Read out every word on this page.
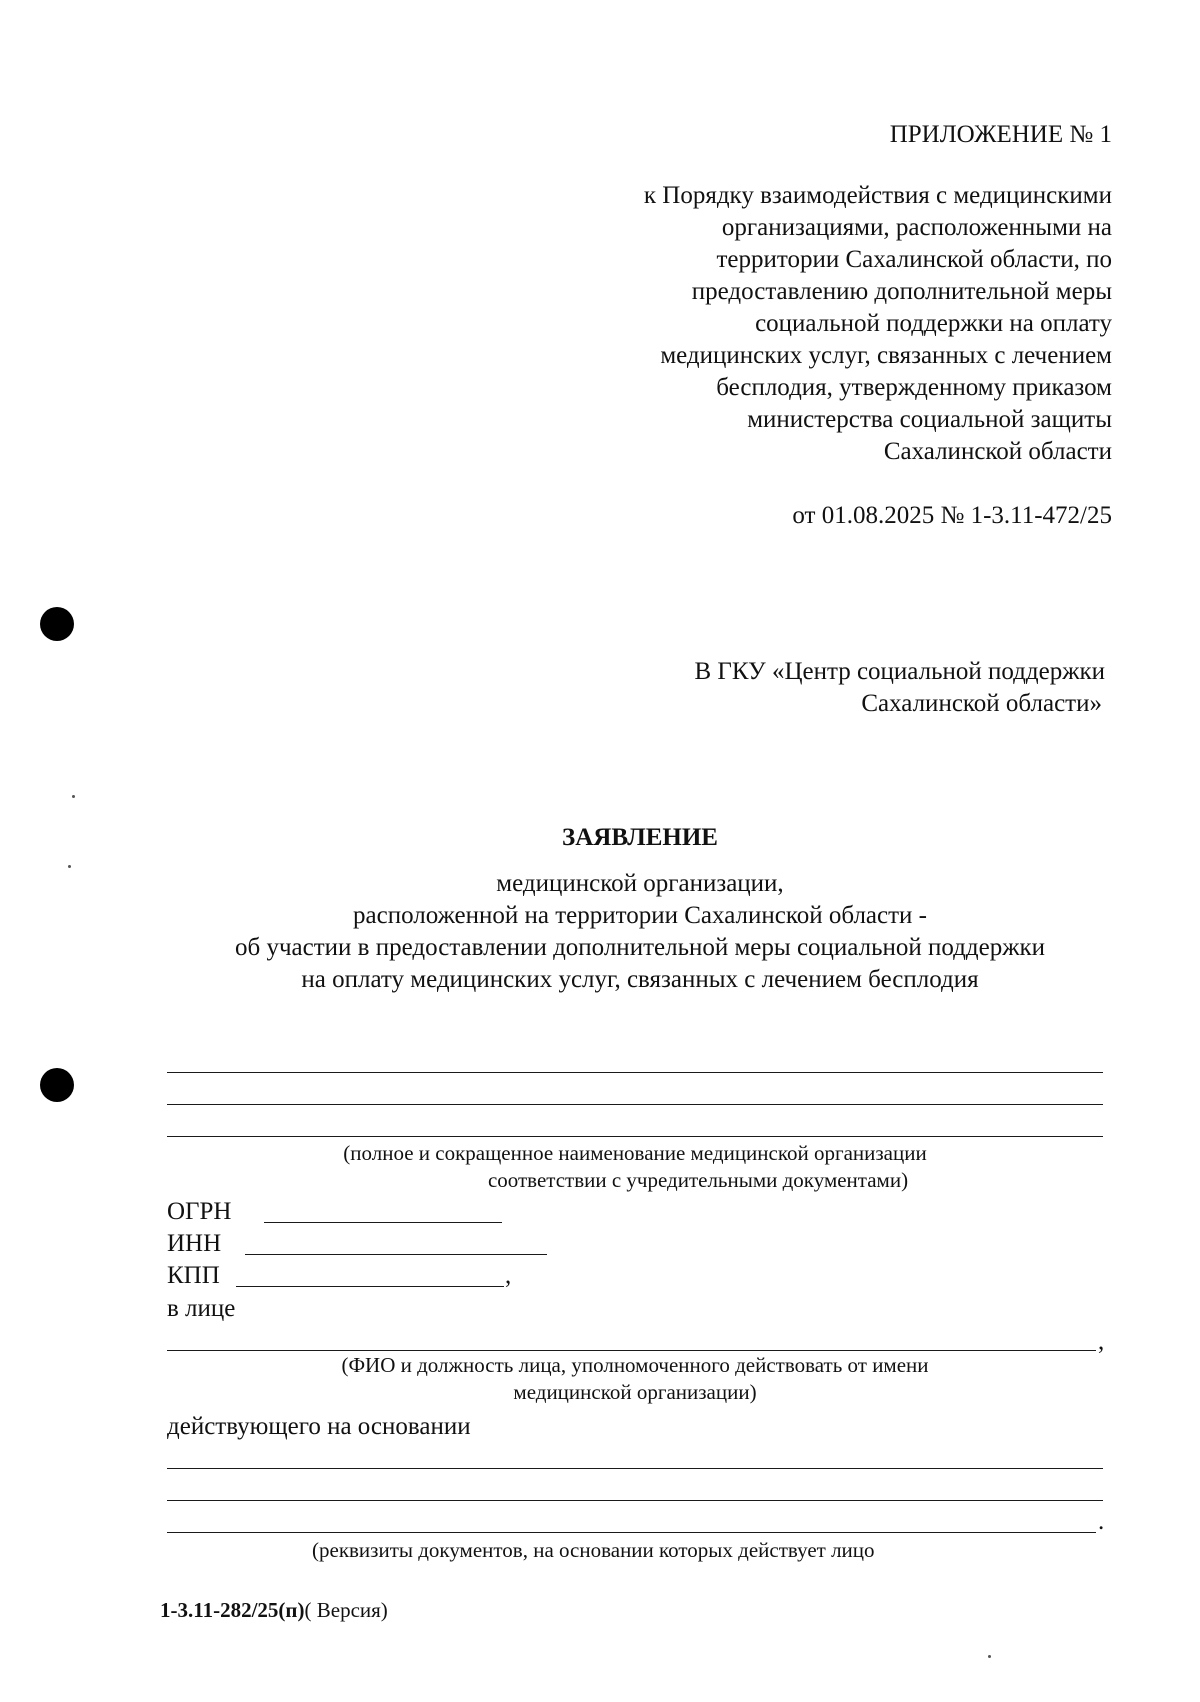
ПРИЛОЖЕНИЕ № 1
к Порядку взаимодействия с медицинскими
организациями, расположенными на
территории Сахалинской области, по
предоставлению дополнительной меры
социальной поддержки на оплату
медицинских услуг, связанных с лечением
бесплодия, утвержденному приказом
министерства социальной защиты
Сахалинской области
от 01.08.2025 № 1-3.11-472/25
В ГКУ «Центр социальной поддержки
Сахалинской области»
ЗАЯВЛЕНИЕ
медицинской организации,
расположенной на территории Сахалинской области -
об участии в предоставлении дополнительной меры социальной поддержки
на оплату медицинских услуг, связанных с лечением бесплодия
(полное и сокращенное наименование медицинской организации
соответствии с учредительными документами)
ОГРН
ИНН
КПП	,
в лице
,
(ФИО и должность лица, уполномоченного действовать от имени
медицинской организации)
действующего на основании
.
(реквизиты документов, на основании которых действует лицо
1-3.11-282/25(п)( Версия)
